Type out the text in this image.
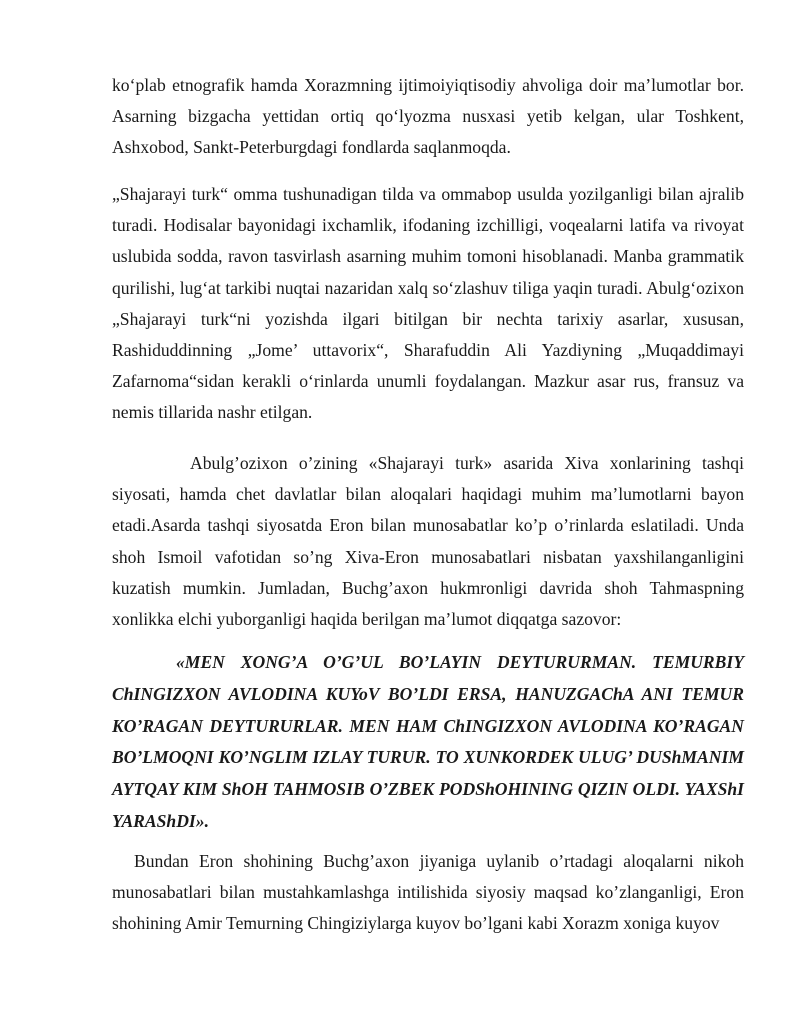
ko‘plab etnografik hamda Xorazmning ijtimoiyiqtisodiy ahvoliga doir ma’lumotlar bor. Asarning bizgacha yettidan ortiq qo‘lyozma nusxasi yetib kelgan, ular Toshkent, Ashxobod, Sankt-Peterburgdagi fondlarda saqlanmoqda.

„Shajarayi turk“ omma tushunadigan tilda va ommabop usulda yozilganligi bilan ajralib turadi. Hodisalar bayonidagi ixchamlik, ifodaning izchilligi, voqealarni latifa va rivoyat uslubida sodda, ravon tasvirlash asarning muhim tomoni hisoblanadi. Manba grammatik qurilishi, lug‘at tarkibi nuqtai nazaridan xalq so‘zlashuv tiliga yaqin turadi. Abulg‘ozixon „Shajarayi turk“ni yozishda ilgari bitilgan bir nechta tarixiy asarlar, xususan, Rashiduddinning „Jome’ uttavorix“, Sharafuddin Ali Yazdiyning „Muqaddimayi Zafarnoma“sidan kerakli o‘rinlarda unumli foydalangan. Mazkur asar rus, fransuz va nemis tillarida nashr etilgan.

Abulg’ozixon o’zining «Shajarayi turk» asarida Xiva xonlarining tashqi siyosati, hamda chet davlatlar bilan aloqalari haqidagi muhim ma’lumotlarni bayon etadi.Asarda tashqi siyosatda Eron bilan munosabatlar ko’p o’rinlarda eslatiladi. Unda shoh Ismoil vafotidan so’ng Xiva-Eron munosabatlari nisbatan yaxshilanganligini kuzatish mumkin. Jumladan, Buchg’axon hukmronligi davrida shoh Tahmaspning xonlikka elchi yuborganligi haqida berilgan ma’lumot diqqatga sazovor:

«MEN XONG’A O’G’UL BO’LAYIN DEYTURURMAN. TEMURBIY ChINGIZXON AVLODINA KUYoV BO’LDI ERSA, HANUZGAChA ANI TEMUR KO’RAGAN DEYTURURLAR. MEN HAM ChINGIZXON AVLODINA KO’RAGAN BO’LMOQNI KO’NGLIM IZLAY TURUR. TO XUNKORDEK ULUG’ DUShMANIM AYTQAY KIM ShOH TAHMOSIB O’ZBEK PODShOHINING QIZIN OLDI. YAXShI YARAShDI».

Bundan Eron shohining Buchg’axon jiyaniga uylanib o’rtadagi aloqalarni nikoh munosabatlari bilan mustahkamlashga intilishida siyosiy maqsad ko’zlanganligi, Eron shohining Amir Temurning Chingiziylarga kuyov bo’lgani kabi Xorazm xoniga kuyov
